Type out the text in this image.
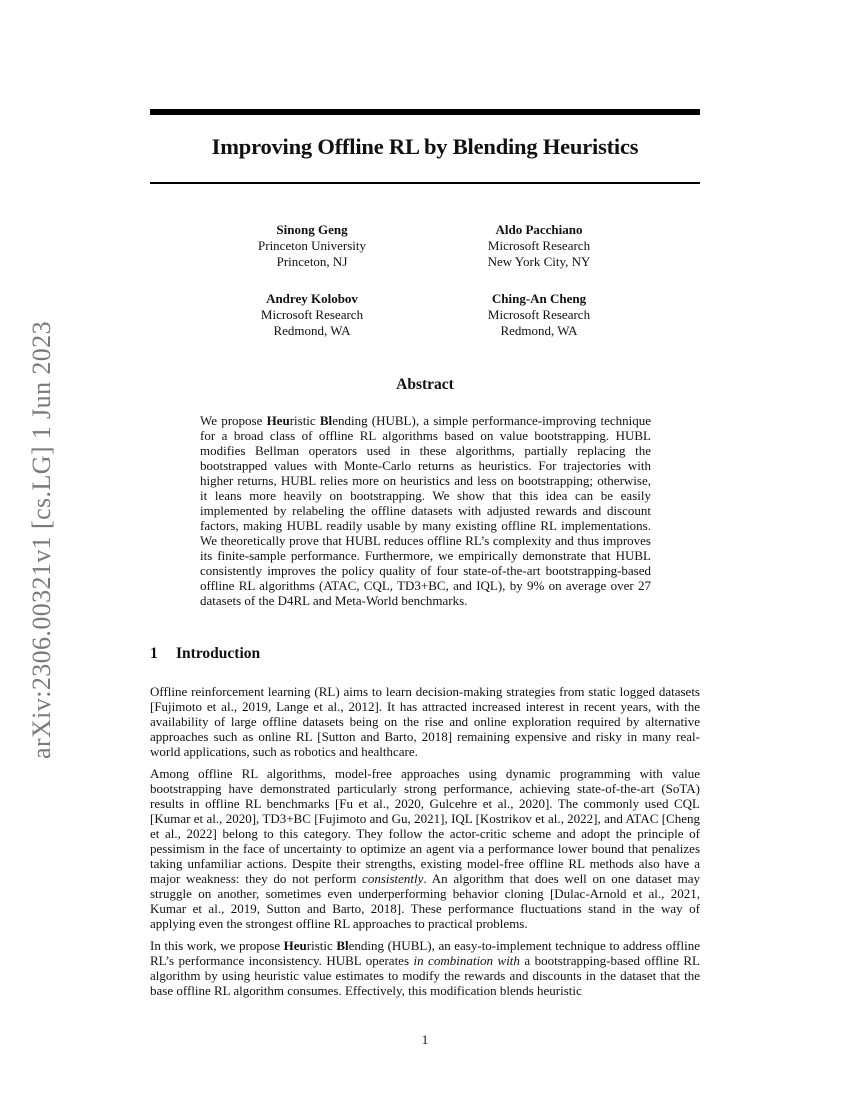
Improving Offline RL by Blending Heuristics
Sinong Geng
Princeton University
Princeton, NJ
Aldo Pacchiano
Microsoft Research
New York City, NY
Andrey Kolobov
Microsoft Research
Redmond, WA
Ching-An Cheng
Microsoft Research
Redmond, WA
Abstract
We propose Heuristic Blending (HUBL), a simple performance-improving technique for a broad class of offline RL algorithms based on value bootstrapping. HUBL modifies Bellman operators used in these algorithms, partially replacing the bootstrapped values with Monte-Carlo returns as heuristics. For trajectories with higher returns, HUBL relies more on heuristics and less on bootstrapping; otherwise, it leans more heavily on bootstrapping. We show that this idea can be easily implemented by relabeling the offline datasets with adjusted rewards and discount factors, making HUBL readily usable by many existing offline RL implementations. We theoretically prove that HUBL reduces offline RL’s complexity and thus improves its finite-sample performance. Furthermore, we empirically demonstrate that HUBL consistently improves the policy quality of four state-of-the-art bootstrapping-based offline RL algorithms (ATAC, CQL, TD3+BC, and IQL), by 9% on average over 27 datasets of the D4RL and Meta-World benchmarks.
1 Introduction

Offline reinforcement learning (RL) aims to learn decision-making strategies from static logged datasets [Fujimoto et al., 2019, Lange et al., 2012]. It has attracted increased interest in recent years, with the availability of large offline datasets being on the rise and online exploration required by alternative approaches such as online RL [Sutton and Barto, 2018] remaining expensive and risky in many real-world applications, such as robotics and healthcare.

Among offline RL algorithms, model-free approaches using dynamic programming with value bootstrapping have demonstrated particularly strong performance, achieving state-of-the-art (SoTA) results in offline RL benchmarks [Fu et al., 2020, Gulcehre et al., 2020]. The commonly used CQL [Kumar et al., 2020], TD3+BC [Fujimoto and Gu, 2021], IQL [Kostrikov et al., 2022], and ATAC [Cheng et al., 2022] belong to this category. They follow the actor-critic scheme and adopt the principle of pessimism in the face of uncertainty to optimize an agent via a performance lower bound that penalizes taking unfamiliar actions. Despite their strengths, existing model-free offline RL methods also have a major weakness: they do not perform consistently. An algorithm that does well on one dataset may struggle on another, sometimes even underperforming behavior cloning [Dulac-Arnold et al., 2021, Kumar et al., 2019, Sutton and Barto, 2018]. These performance fluctuations stand in the way of applying even the strongest offline RL approaches to practical problems.

In this work, we propose Heuristic Blending (HUBL), an easy-to-implement technique to address offline RL’s performance inconsistency. HUBL operates in combination with a bootstrapping-based offline RL algorithm by using heuristic value estimates to modify the rewards and discounts in the dataset that the base offline RL algorithm consumes. Effectively, this modification blends heuristic

arXiv:2306.00321v1 [cs.LG] 1 Jun 2023
1
